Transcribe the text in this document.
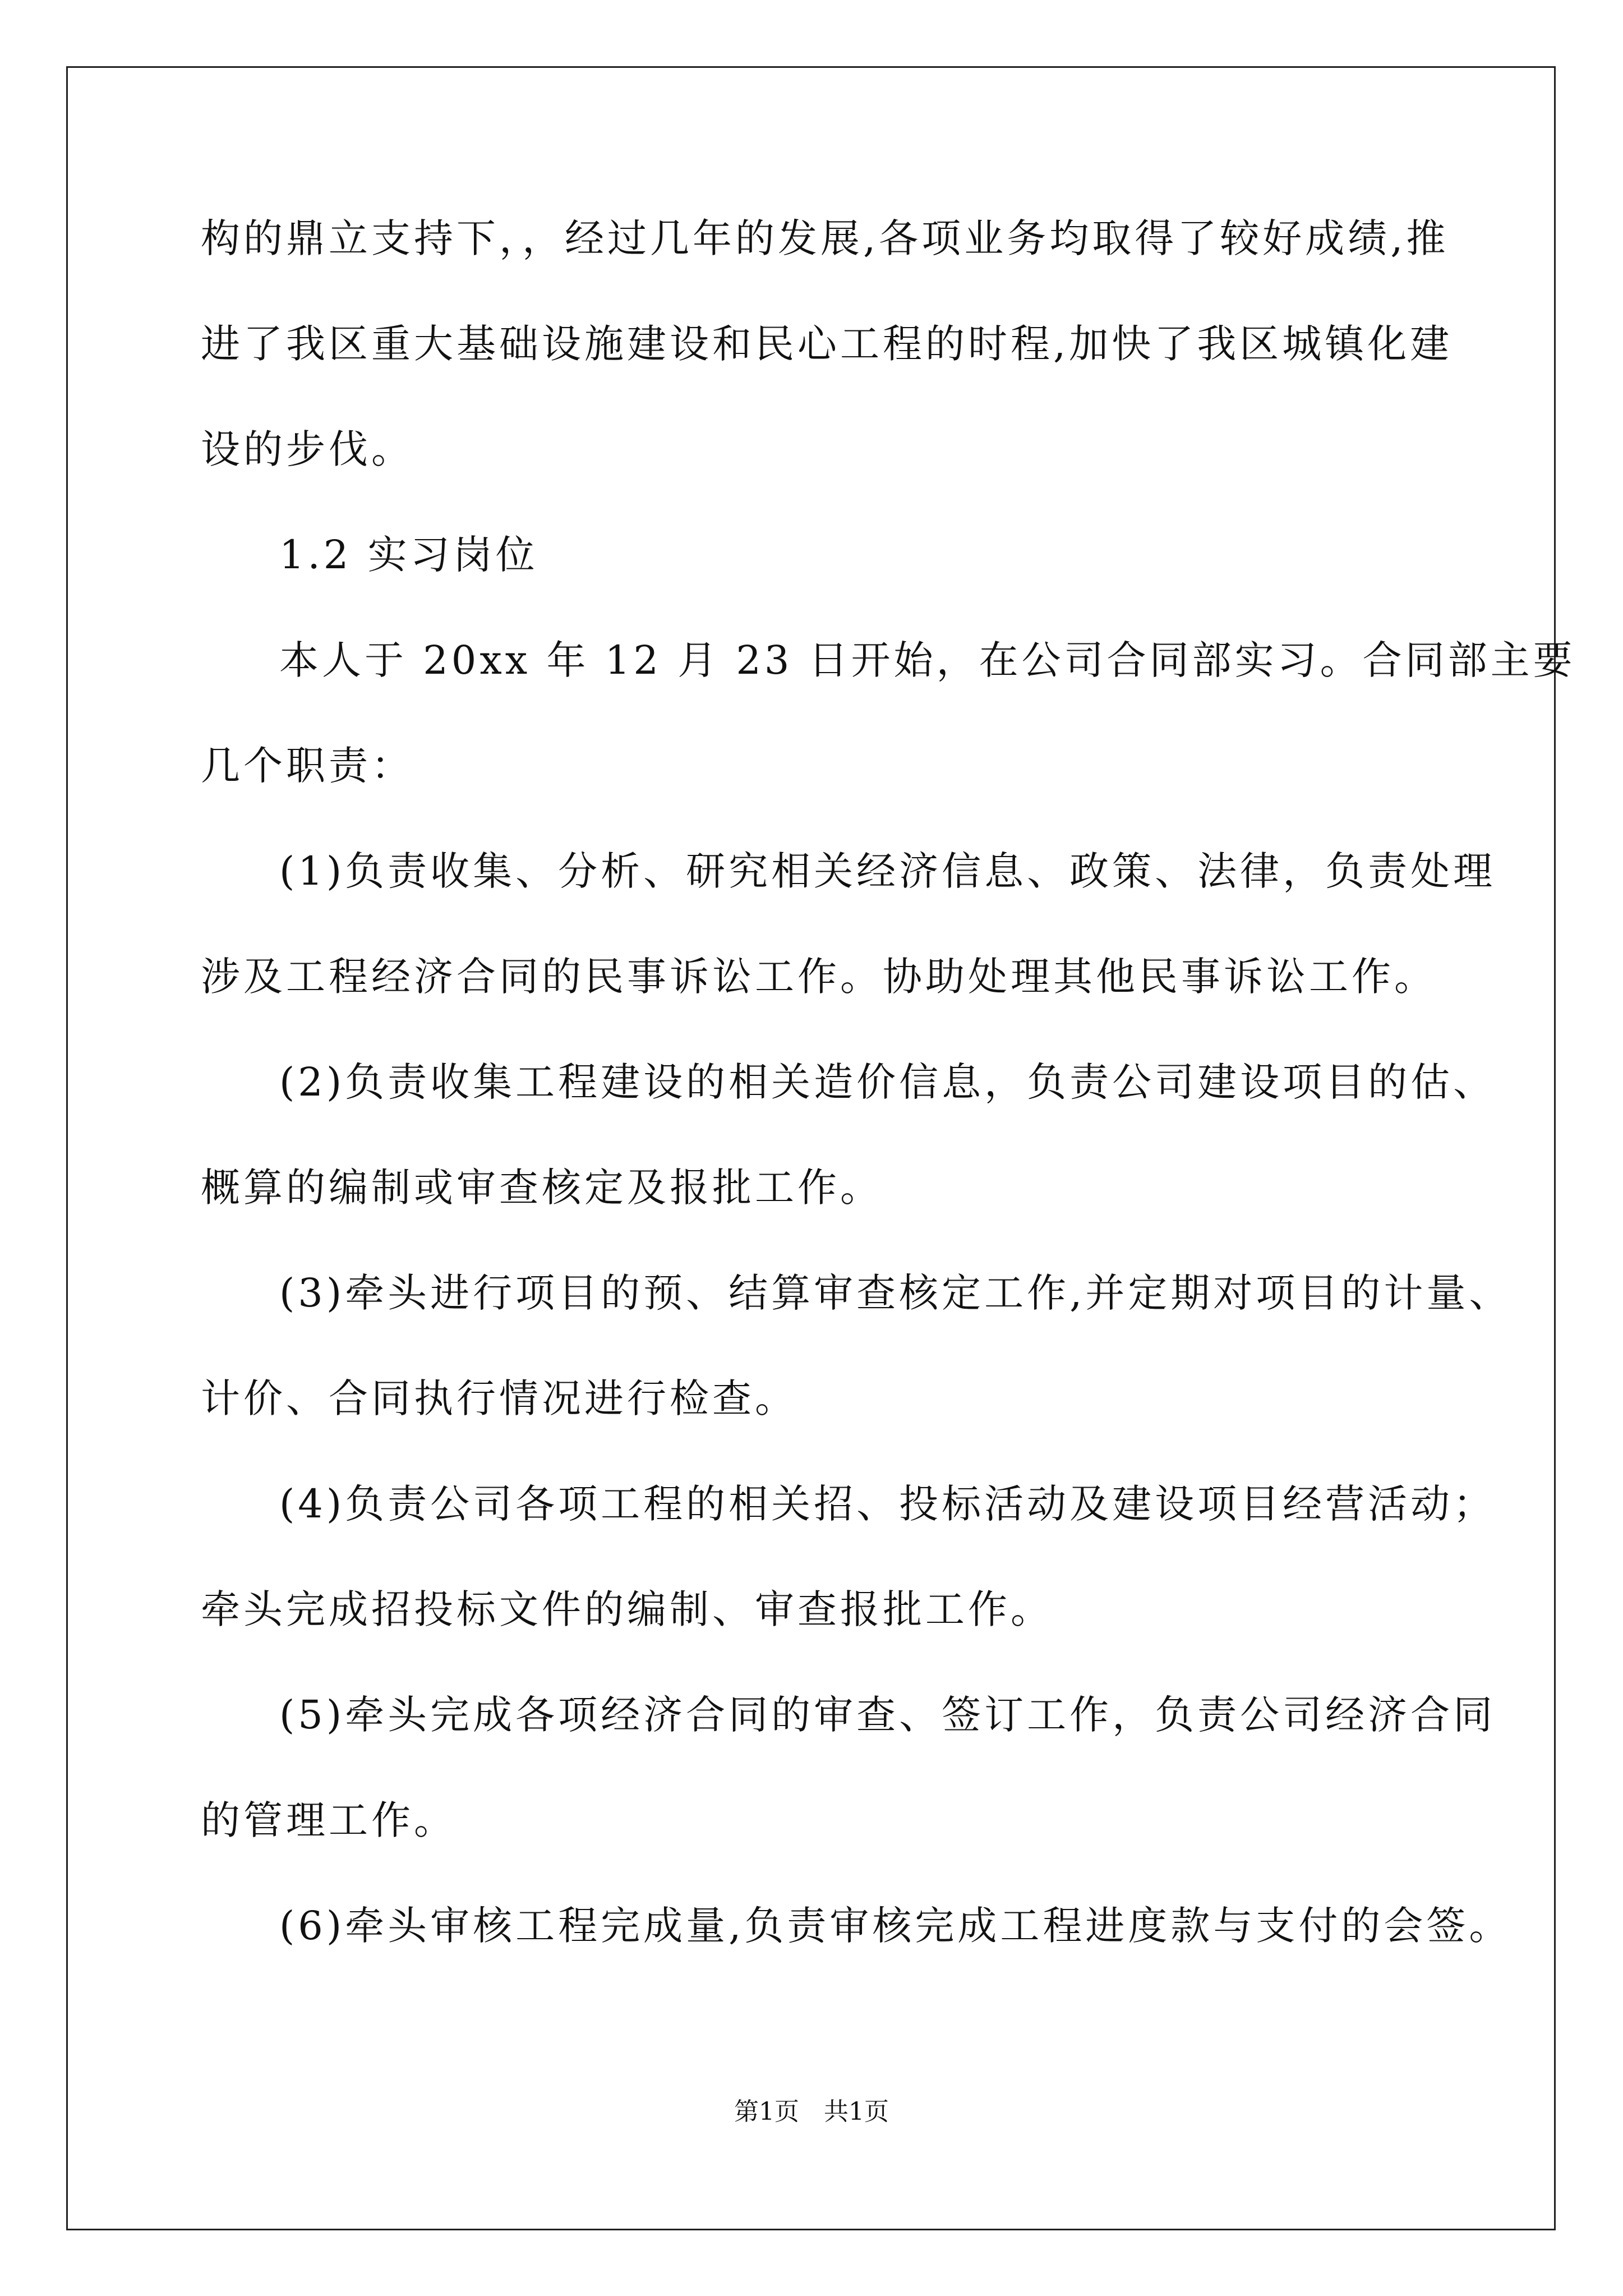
构的鼎立支持下，，经过几年的发展,各项业务均取得了较好成绩,推
进了我区重大基础设施建设和民心工程的时程,加快了我区城镇化建
设的步伐。
1.2 实习岗位
本人于 20xx 年 12 月 23 日开始，在公司合同部实习。合同部主要
几个职责：
(1)负责收集、分析、研究相关经济信息、政策、法律，负责处理
涉及工程经济合同的民事诉讼工作。协助处理其他民事诉讼工作。
(2)负责收集工程建设的相关造价信息，负责公司建设项目的估、
概算的编制或审查核定及报批工作。
(3)牵头进行项目的预、结算审查核定工作,并定期对项目的计量、
计价、合同执行情况进行检查。
(4)负责公司各项工程的相关招、投标活动及建设项目经营活动；
牵头完成招投标文件的编制、审查报批工作。
(5)牵头完成各项经济合同的审查、签订工作，负责公司经济合同
的管理工作。
(6)牵头审核工程完成量,负责审核完成工程进度款与支付的会签。
第1页　共1页
